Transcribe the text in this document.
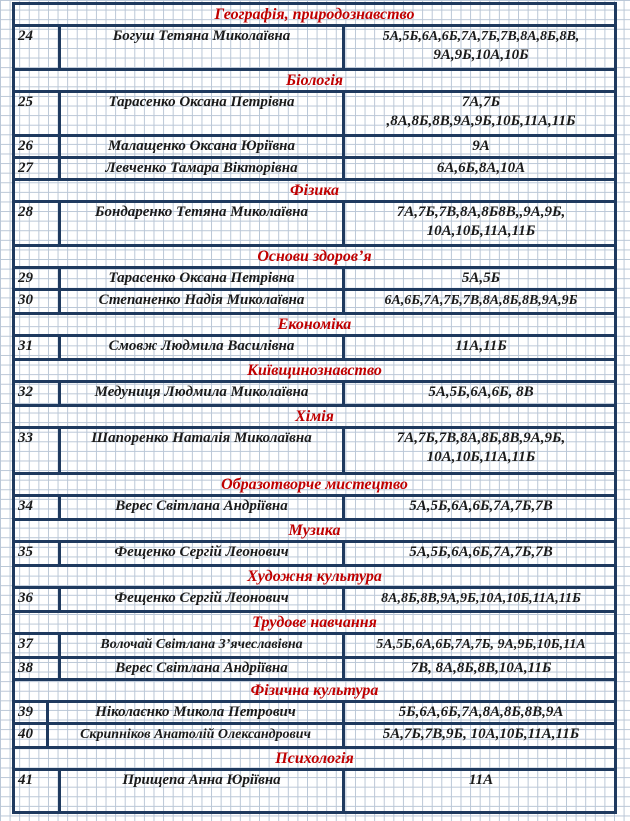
Географія, природознавство
24	Богуш Тетяна Миколаївна	5А,5Б,6А,6Б,7А,7Б,7В,8А,8Б,8В,
9А,9Б,10А,10Б
Біологія
25	Тарасенко Оксана Петрівна	7А,7Б
,8А,8Б,8В,9А,9Б,10Б,11А,11Б
26	Малащенко Оксана Юріївна	9А
27	Левченко Тамара Вікторівна	6А,6Б,8А,10А
Фізика
28	Бондаренко Тетяна Миколаївна	7А,7Б,7В,8А,8Б8В,,9А,9Б,
10А,10Б,11А,11Б
Основи здоров’я
29	Тарасенко Оксана Петрівна	5А,5Б
30	Степаненко Надія Миколаївна	6А,6Б,7А,7Б,7В,8А,8Б,8В,9А,9Б
Економіка
31	Смовж Людмила Василівна	11А,11Б
Київщинознавство
32	Медуниця Людмила Миколаївна	5А,5Б,6А,6Б, 8В
Хімія
33	Шапоренко Наталія Миколаївна	7А,7Б,7В,8А,8Б,8В,9А,9Б,
10А,10Б,11А,11Б
Образотворче мистецтво
34	Верес Світлана Андріївна	5А,5Б,6А,6Б,7А,7Б,7В
Музика
35	Фещенко Сергій Леонович	5А,5Б,6А,6Б,7А,7Б,7В
Художня культура
36	Фещенко Сергій Леонович	8А,8Б,8В,9А,9Б,10А,10Б,11А,11Б
Трудове навчання
37	Волочай Світлана З’ячеславівна	5А,5Б,6А,6Б,7А,7Б, 9А,9Б,10Б,11А
38	Верес Світлана Андріївна	7В, 8А,8Б,8В,10А,11Б
Фізична культура
39	Ніколаєнко Микола Петрович	5Б,6А,6Б,7А,8А,8Б,8В,9А
40	Скрипніков Анатолій Олександрович	5А,7Б,7В,9Б, 10А,10Б,11А,11Б
Психологія
41	Прищепа Анна Юріївна	11А
